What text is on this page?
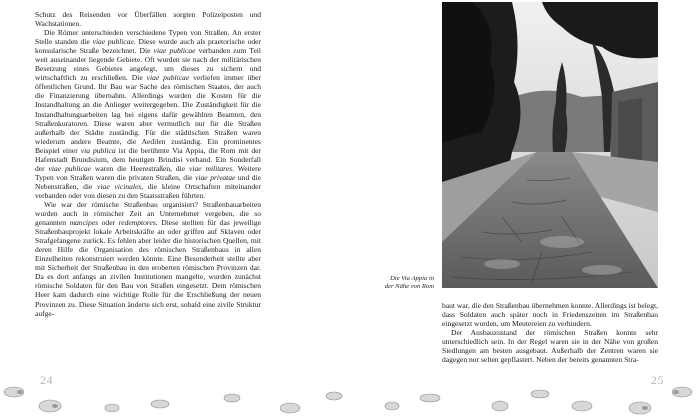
Schutz des Reisenden vor Überfällen sorgten Polizeiposten und Wachstationen.

Die Römer unterschieden verschiedene Typen von Straßen. An erster Stelle standen die viae publicae. Diese wurde auch als praetorische oder konsularische Straße bezeichnet. Die viae publicae verbanden zum Teil weit auseinander liegende Gebiete. Oft wurden sie nach der militärischen Besetzung eines Gebietes angelegt, um dieses zu sichern und wirtschaftlich zu erschließen. Die viae publicae verliefen immer über öffentlichen Grund. Ihr Bau war Sache des römischen Staates, der auch die Finanzierung übernahm. Allerdings wurden die Kosten für die Instandhaltung an die Anlieger weitergegeben. Die Zuständigkeit für die Instandhaltungsarbeiten lag bei eigens dafür gewählten Beamten, den Straßenkuratoren. Diese waren aber vermutlich nur für die Straßen außerhalb der Städte zuständig. Für die städtischen Straßen waren wiederum andere Beamte, die Aedilen zuständig. Ein prominentes Beispiel einer via publica ist die berühmte Via Appia, die Rom mit der Hafenstadt Brundisium, dem heutigen Brindisi verband. Ein Sonderfall der viae publicae waren die Heerestraßen, die viae militares. Weitere Typen von Straßen waren die privaten Straßen, die viae privatae und die Nebenstraßen, die viae vicinales, die kleine Ortschaften miteinander verbanden oder von diesen zu den Staatsstraßen führten.

Wie war der römische Straßenbau organisiert? Straßenbauarbeiten wurden auch in römischer Zeit an Unternehmer vergeben, die so genannten mancipes oder redemptores. Diese stellten für das jeweilige Straßenbauprojekt lokale Arbeitskräfte an oder griffen auf Sklaven oder Strafgefangene zurück. Es fehlen aber leider die historischen Quellen, mit deren Hilfe die Organisation des römischen Straßenbaus in allen Einzelheiten rekonstruiert werden könnte. Eine Besonderheit stellte aber mit Sicherheit der Straßenbau in den eroberten römischen Provinzen dar. Da es dort anfangs an zivilen Institutionen mangelte, wurden zunächst römische Soldaten für den Bau von Straßen eingesetzt. Dem römischen Heer kam dadurch eine wichtige Rolle für die Erschließung der neuen Provinzen zu. Diese Situation änderte sich erst, sobald eine zivile Struktur aufge-

Die Via Appia in
der Nähe von Rom

baut war, die den Straßenbau übernehmen konnte. Allerdings ist belegt, dass Soldaten auch später noch in Friedenszeiten im Straßenbau eingesetzt wurden, um Meutereien zu verhindern.

Der Ausbauzustand der römischen Straßen konnte sehr unterschiedlich sein. In der Regel waren sie in der Nähe von großen Siedlungen am besten ausgebaut. Außerhalb der Zentren waren sie dagegen nur selten gepflastert. Neben der bereits genannten Stra-

24	25
